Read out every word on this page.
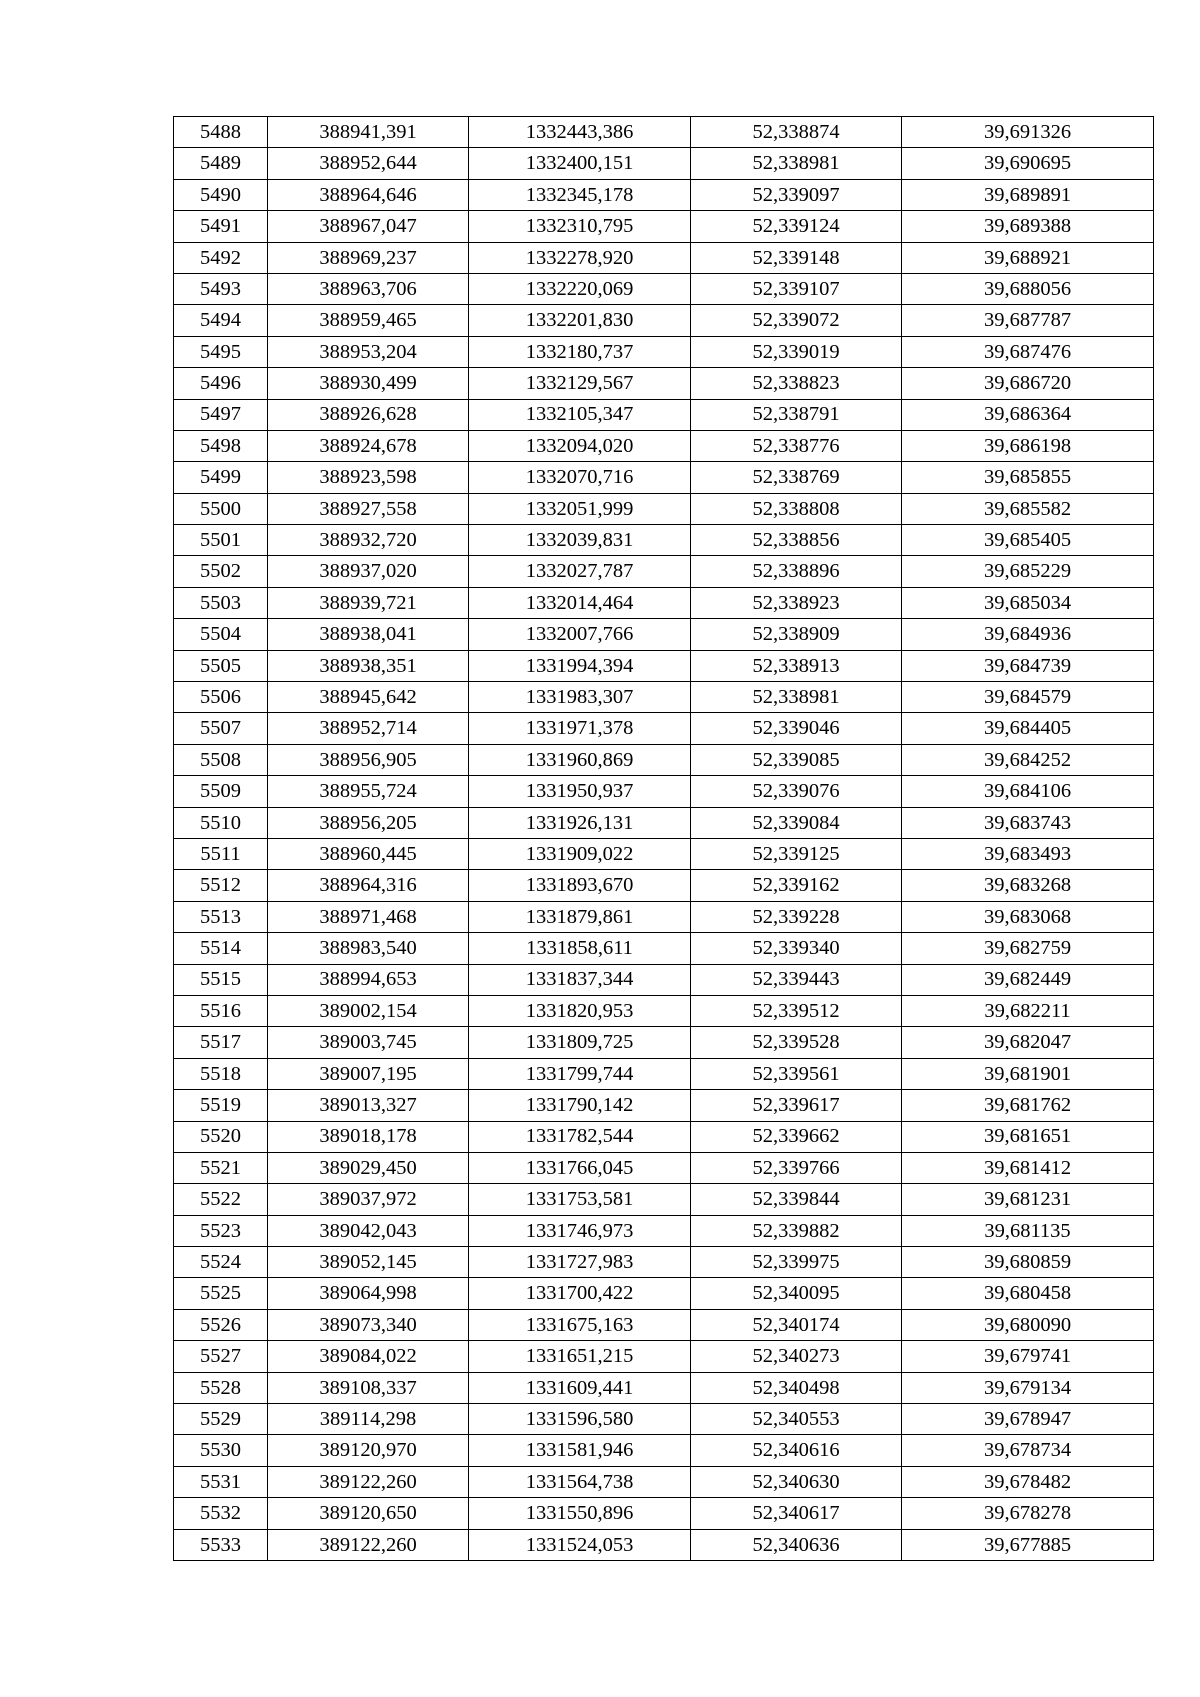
5488	388941,391	1332443,386	52,338874	39,691326
5489	388952,644	1332400,151	52,338981	39,690695
5490	388964,646	1332345,178	52,339097	39,689891
5491	388967,047	1332310,795	52,339124	39,689388
5492	388969,237	1332278,920	52,339148	39,688921
5493	388963,706	1332220,069	52,339107	39,688056
5494	388959,465	1332201,830	52,339072	39,687787
5495	388953,204	1332180,737	52,339019	39,687476
5496	388930,499	1332129,567	52,338823	39,686720
5497	388926,628	1332105,347	52,338791	39,686364
5498	388924,678	1332094,020	52,338776	39,686198
5499	388923,598	1332070,716	52,338769	39,685855
5500	388927,558	1332051,999	52,338808	39,685582
5501	388932,720	1332039,831	52,338856	39,685405
5502	388937,020	1332027,787	52,338896	39,685229
5503	388939,721	1332014,464	52,338923	39,685034
5504	388938,041	1332007,766	52,338909	39,684936
5505	388938,351	1331994,394	52,338913	39,684739
5506	388945,642	1331983,307	52,338981	39,684579
5507	388952,714	1331971,378	52,339046	39,684405
5508	388956,905	1331960,869	52,339085	39,684252
5509	388955,724	1331950,937	52,339076	39,684106
5510	388956,205	1331926,131	52,339084	39,683743
5511	388960,445	1331909,022	52,339125	39,683493
5512	388964,316	1331893,670	52,339162	39,683268
5513	388971,468	1331879,861	52,339228	39,683068
5514	388983,540	1331858,611	52,339340	39,682759
5515	388994,653	1331837,344	52,339443	39,682449
5516	389002,154	1331820,953	52,339512	39,682211
5517	389003,745	1331809,725	52,339528	39,682047
5518	389007,195	1331799,744	52,339561	39,681901
5519	389013,327	1331790,142	52,339617	39,681762
5520	389018,178	1331782,544	52,339662	39,681651
5521	389029,450	1331766,045	52,339766	39,681412
5522	389037,972	1331753,581	52,339844	39,681231
5523	389042,043	1331746,973	52,339882	39,681135
5524	389052,145	1331727,983	52,339975	39,680859
5525	389064,998	1331700,422	52,340095	39,680458
5526	389073,340	1331675,163	52,340174	39,680090
5527	389084,022	1331651,215	52,340273	39,679741
5528	389108,337	1331609,441	52,340498	39,679134
5529	389114,298	1331596,580	52,340553	39,678947
5530	389120,970	1331581,946	52,340616	39,678734
5531	389122,260	1331564,738	52,340630	39,678482
5532	389120,650	1331550,896	52,340617	39,678278
5533	389122,260	1331524,053	52,340636	39,677885
